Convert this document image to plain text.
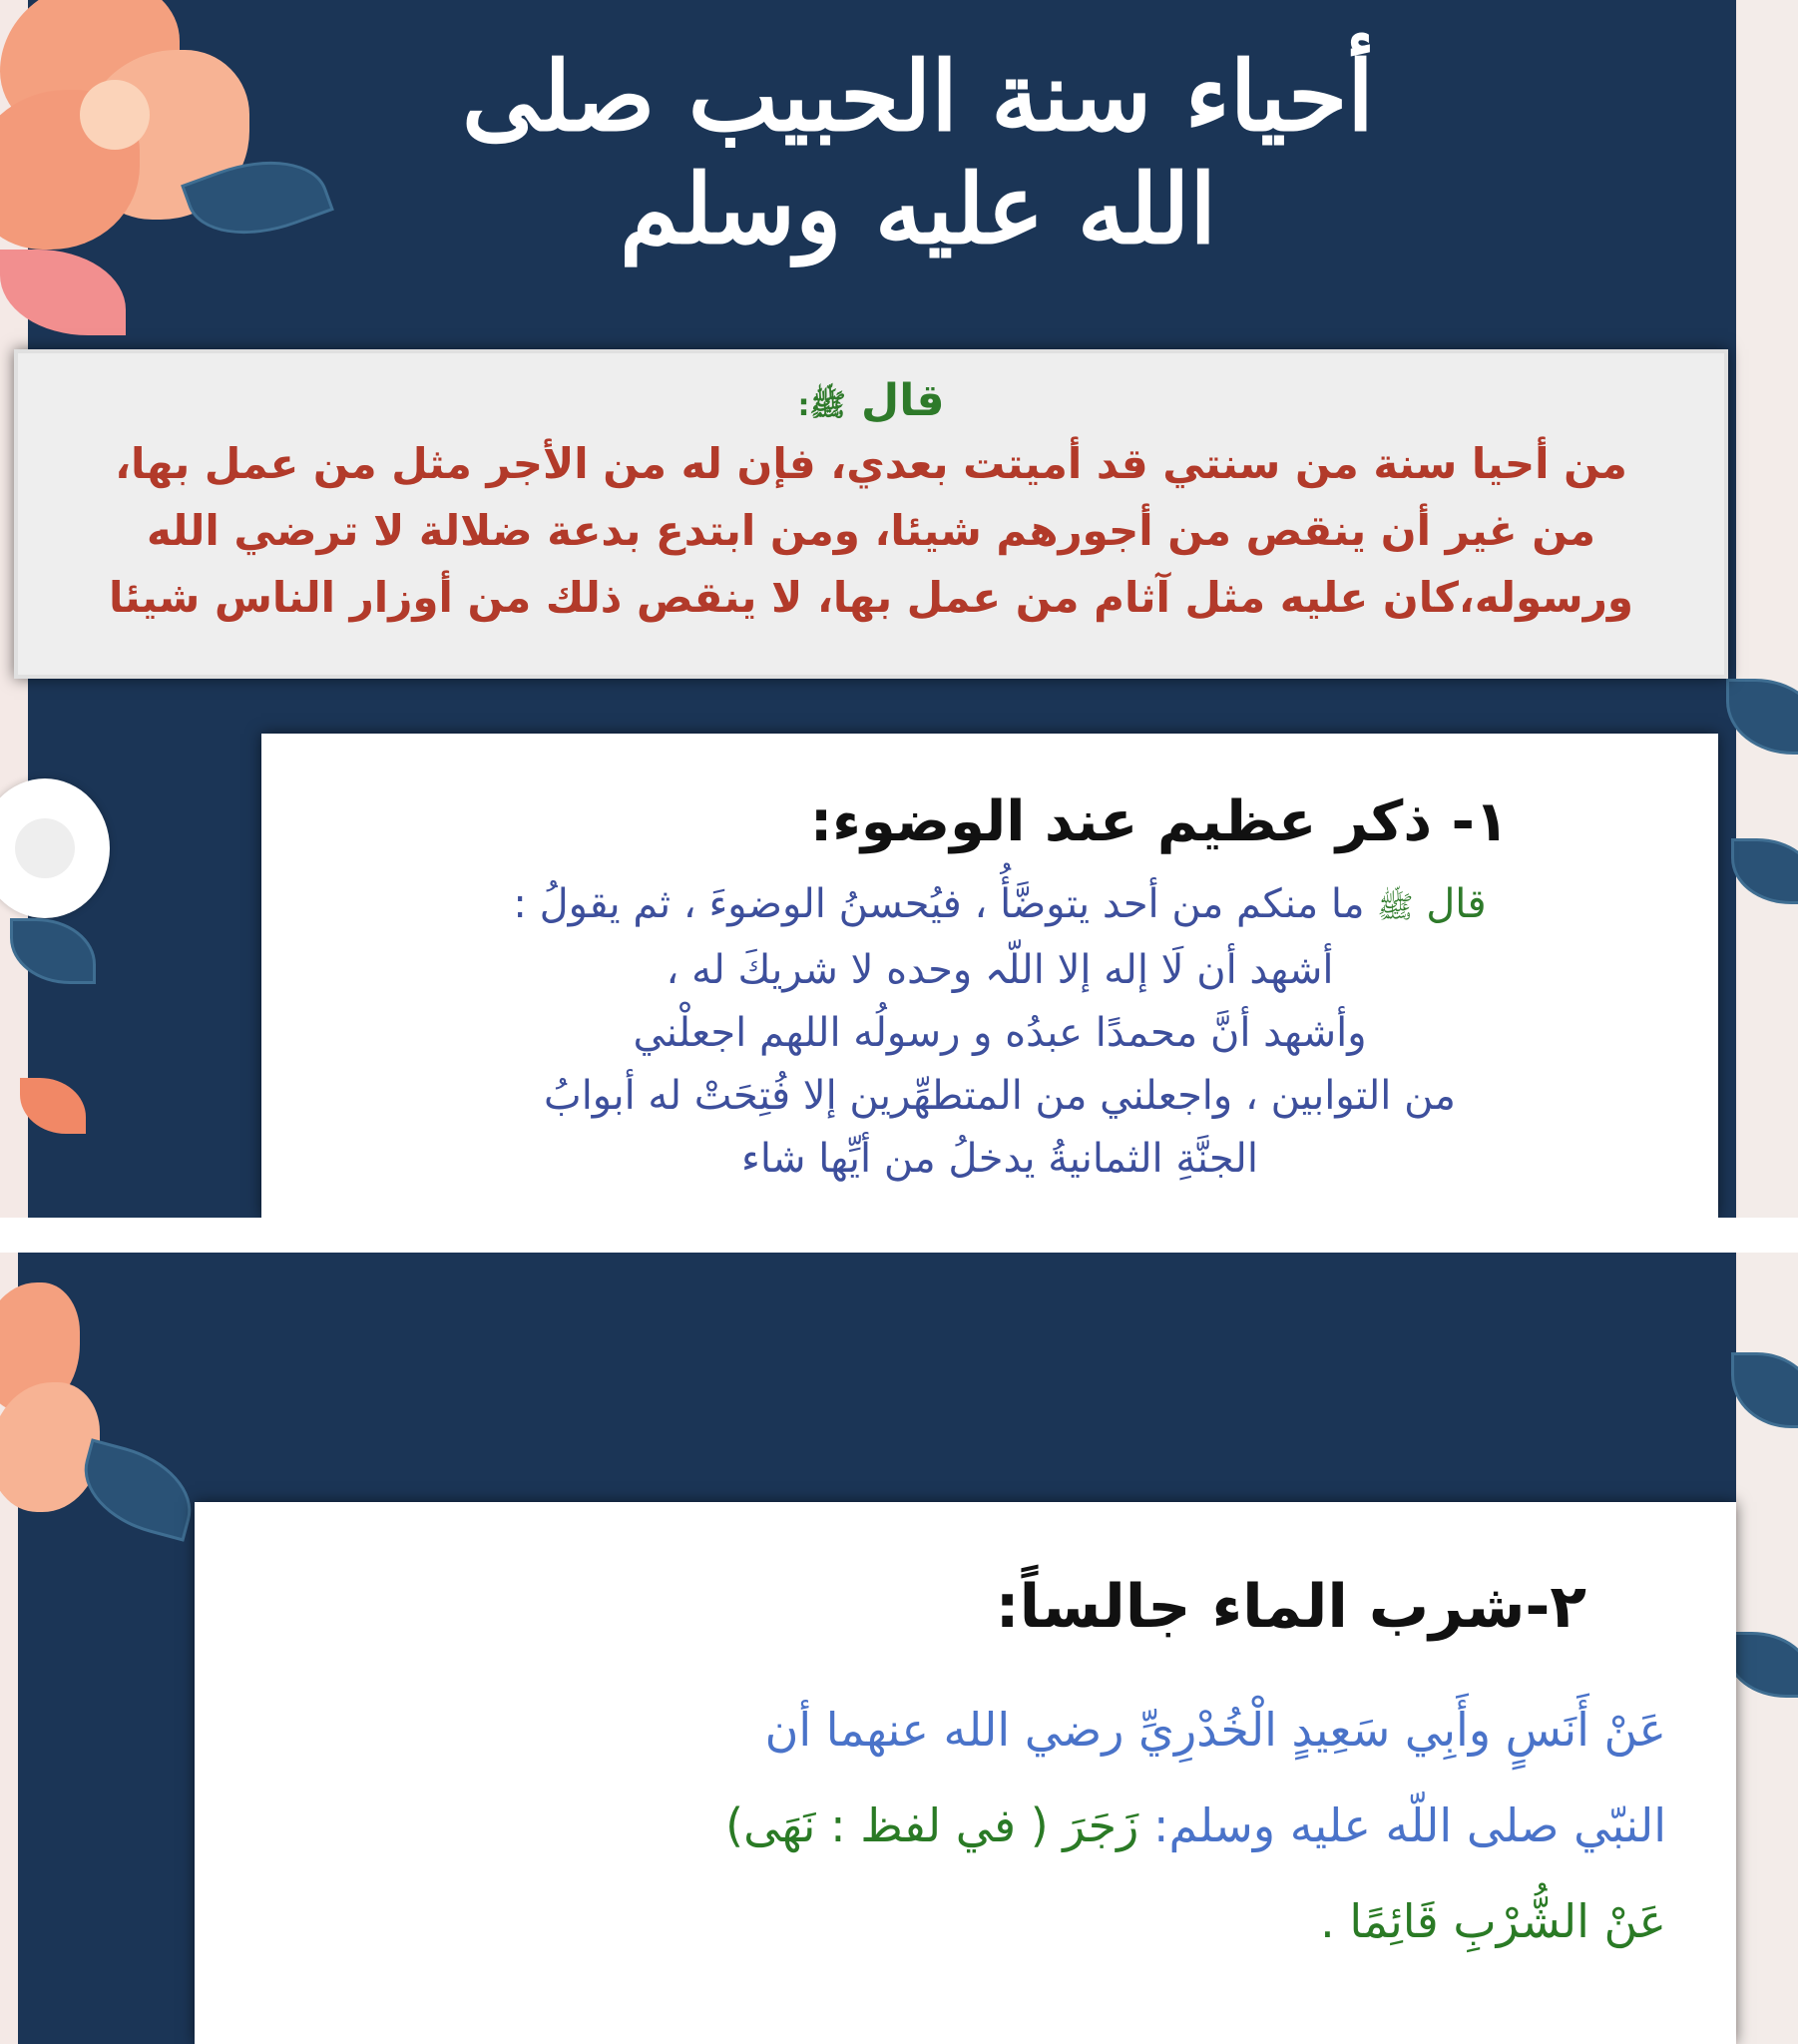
أحياء سنة الحبيب صلى الله عليه وسلم
قال ﷺ:
من أحيا سنة من سنتي قد أميتت بعدي، فإن له من الأجر مثل من عمل بها،
من غير أن ينقص من أجورهم شيئا، ومن ابتدع بدعة ضلالة لا ترضي الله
ورسوله،كان عليه مثل آثام من عمل بها، لا ينقص ذلك من أوزار الناس شيئا
١- ذكر عظيم عند الوضوء:
قال ﷺ ما منكم من أحد يتوضَّأُ ، فيُحسنُ الوضوءَ ، ثم يقولُ :
أشهد أن لَا إله إلا اللّہ وحده لا شريكَ له ،
وأشهد أنَّ محمدًا عبدُه و رسولُه اللهم اجعلْني
من التوابين ، واجعلني من المتطهِّرين إلا فُتِحَتْ له أبوابُ
الجنَّةِ الثمانيةُ يدخلُ من أيِّها شاء
٢-شرب الماء جالساً:
عَنْ أَنَسٍ وأَبِي سَعِيدٍ الْخُدْرِيِّ رضي الله عنهما أن
النبّي صلى اللّه عليه وسلم: زَجَرَ ( في لفظ : نَهَى)
عَنْ الشُّرْبِ قَائِمًا .
